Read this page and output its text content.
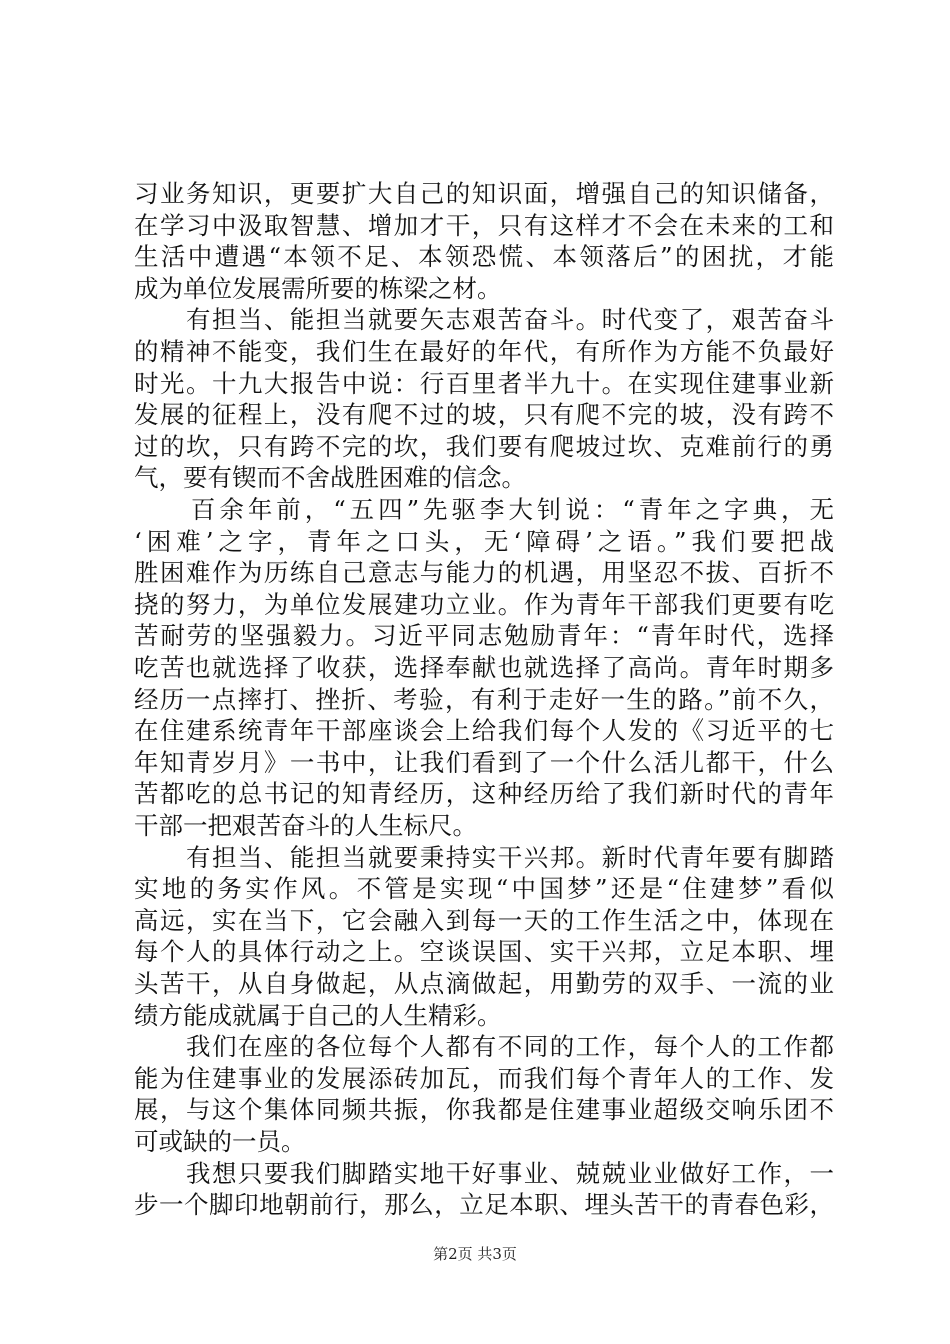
习业务知识，更要扩大自己的知识面，增强自己的知识储备，
在学习中汲取智慧、增加才干，只有这样才不会在未来的工和
生活中遭遇“本领不足、本领恐慌、本领落后”的困扰，才能
成为单位发展需所要的栋梁之材。
　　有担当、能担当就要矢志艰苦奋斗。时代变了，艰苦奋斗
的精神不能变，我们生在最好的年代，有所作为方能不负最好
时光。十九大报告中说：行百里者半九十。在实现住建事业新
发展的征程上，没有爬不过的坡，只有爬不完的坡，没有跨不
过的坎，只有跨不完的坎，我们要有爬坡过坎、克难前行的勇
气，要有锲而不舍战胜困难的信念。
　　百余年前，“五四”先驱李大钊说：“青年之字典，无
‘困难’之字，青年之口头，无‘障碍’之语。”我们要把战
胜困难作为历练自己意志与能力的机遇，用坚忍不拔、百折不
挠的努力，为单位发展建功立业。作为青年干部我们更要有吃
苦耐劳的坚强毅力。习近平同志勉励青年：“青年时代，选择
吃苦也就选择了收获，选择奉献也就选择了高尚。青年时期多
经历一点摔打、挫折、考验，有利于走好一生的路。”前不久，
在住建系统青年干部座谈会上给我们每个人发的《习近平的七
年知青岁月》一书中，让我们看到了一个什么活儿都干，什么
苦都吃的总书记的知青经历，这种经历给了我们新时代的青年
干部一把艰苦奋斗的人生标尺。
　　有担当、能担当就要秉持实干兴邦。新时代青年要有脚踏
实地的务实作风。不管是实现“中国梦”还是“住建梦”看似
高远，实在当下，它会融入到每一天的工作生活之中，体现在
每个人的具体行动之上。空谈误国、实干兴邦，立足本职、埋
头苦干，从自身做起，从点滴做起，用勤劳的双手、一流的业
绩方能成就属于自己的人生精彩。
　　我们在座的各位每个人都有不同的工作，每个人的工作都
能为住建事业的发展添砖加瓦，而我们每个青年人的工作、发
展，与这个集体同频共振，你我都是住建事业超级交响乐团不
可或缺的一员。
　　我想只要我们脚踏实地干好事业、兢兢业业做好工作，一
步一个脚印地朝前行，那么，立足本职、埋头苦干的青春色彩，
第2页 共3页
